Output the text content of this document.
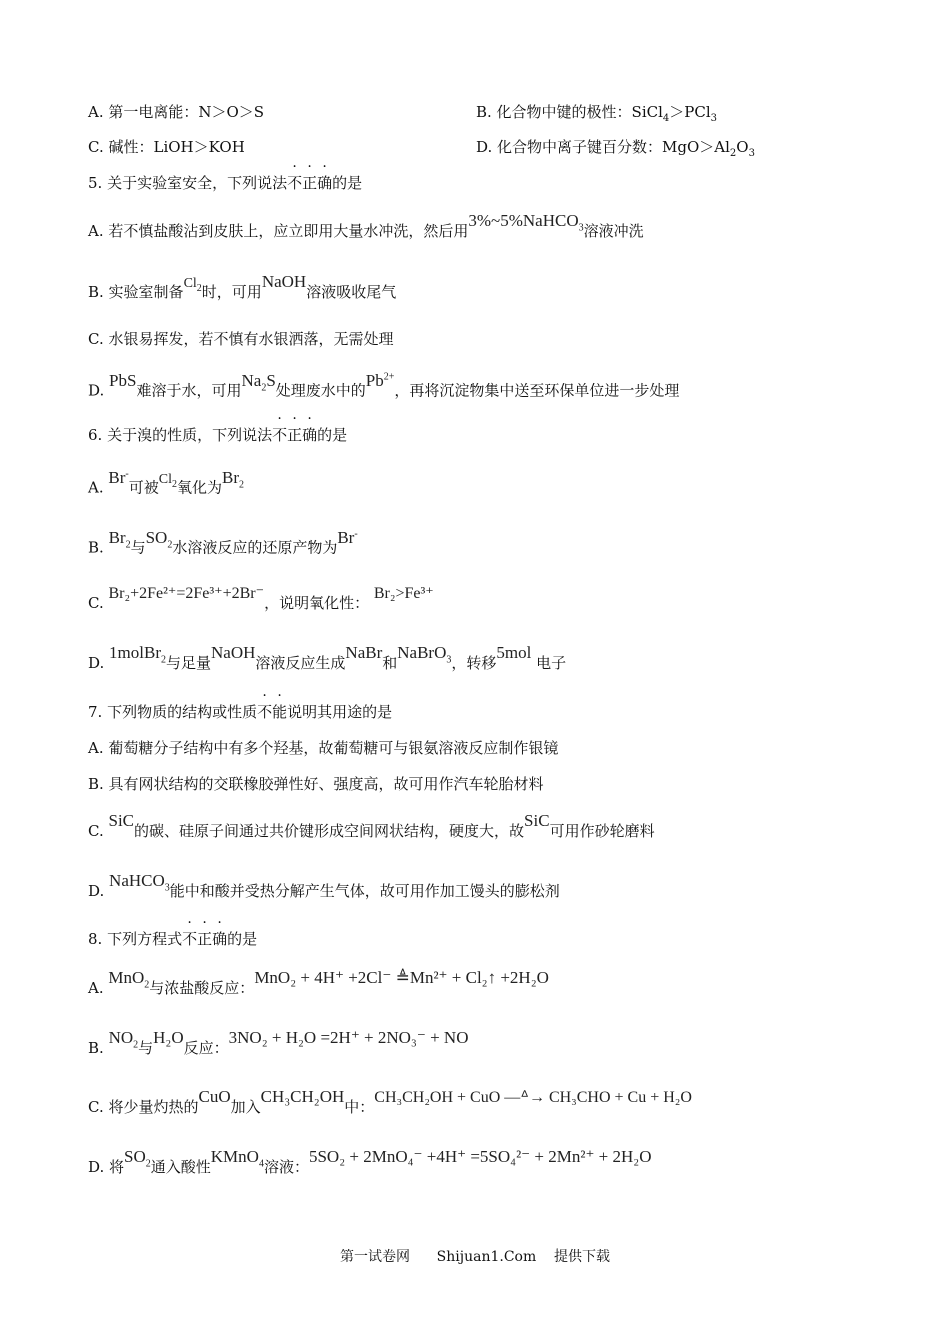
A. 第一电离能：N＞O＞S	B. 化合物中键的极性：SiCl$_4$＞PCl$_3$
C. 碱性：LiOH＞KOH	D. 化合物中离子键百分数：$MgO>Al_2O_3$
5. 关于实验室安全，下列说法不正确的是
A. 若不慎盐酸沾到皮肤上，应立即用大量水冲洗，然后用3%~5%NaHCO$_3$溶液冲洗
B. 实验室制备$Cl_2$时，可用NaOH溶液吸收尾气
C. 水银易挥发，若不慎有水银洒落，无需处理
D. PbS难溶于水，可用$Na_2S$处理废水中的$Pb^{2+}$，再将沉淀物集中送至环保单位进一步处理
6. 关于溴的性质，下列说法不正确的是
A. Br-可被$Cl_2$氧化为$Br_2$
B. $Br_2$与$SO_2$水溶液反应的还原产物为Br-
C. Br₂+2Fe²⁺=2Fe³⁺+2Br⁻，说明氧化性： Br₂>Fe³⁺
D. 1molBr$_2$与足量NaOH溶液反应生成NaBr和NaBrO$_3$，转移5mol 电子
7. 下列物质的结构或性质不能说明其用途的是
A. 葡萄糖分子结构中有多个羟基，故葡萄糖可与银氨溶液反应制作银镜
B. 具有网状结构的交联橡胶弹性好、强度高，故可用作汽车轮胎材料
C. SiC的碳、硅原子间通过共价键形成空间网状结构，硬度大，故SiC可用作砂轮磨料
D. NaHCO$_3$能中和酸并受热分解产生气体，故可用作加工馒头的膨松剂
8. 下列方程式不正确的是
A. MnO$_2$与浓盐酸反应：MnO₂ + 4H⁺ +2Cl⁻ ≜Mn²⁺ + Cl₂↑ +2H₂O
B. $NO_2$与H₂O反应：3NO₂ + H₂O =2H⁺ + 2NO₃⁻ + NO
C. 将少量灼热的CuO加入CH₃CH₂OH中：CH₃CH₂OH + CuO —ᐞ→ CH₃CHO + Cu + H₂O
D. 将$SO_2$通入酸性KMnO$_4$溶液：5SO₂ + 2MnO₄⁻ +4H⁺ =5SO₄²⁻ + 2Mn²⁺ + 2H₂O
第一试卷网      Shijuan1.Com    提供下载
